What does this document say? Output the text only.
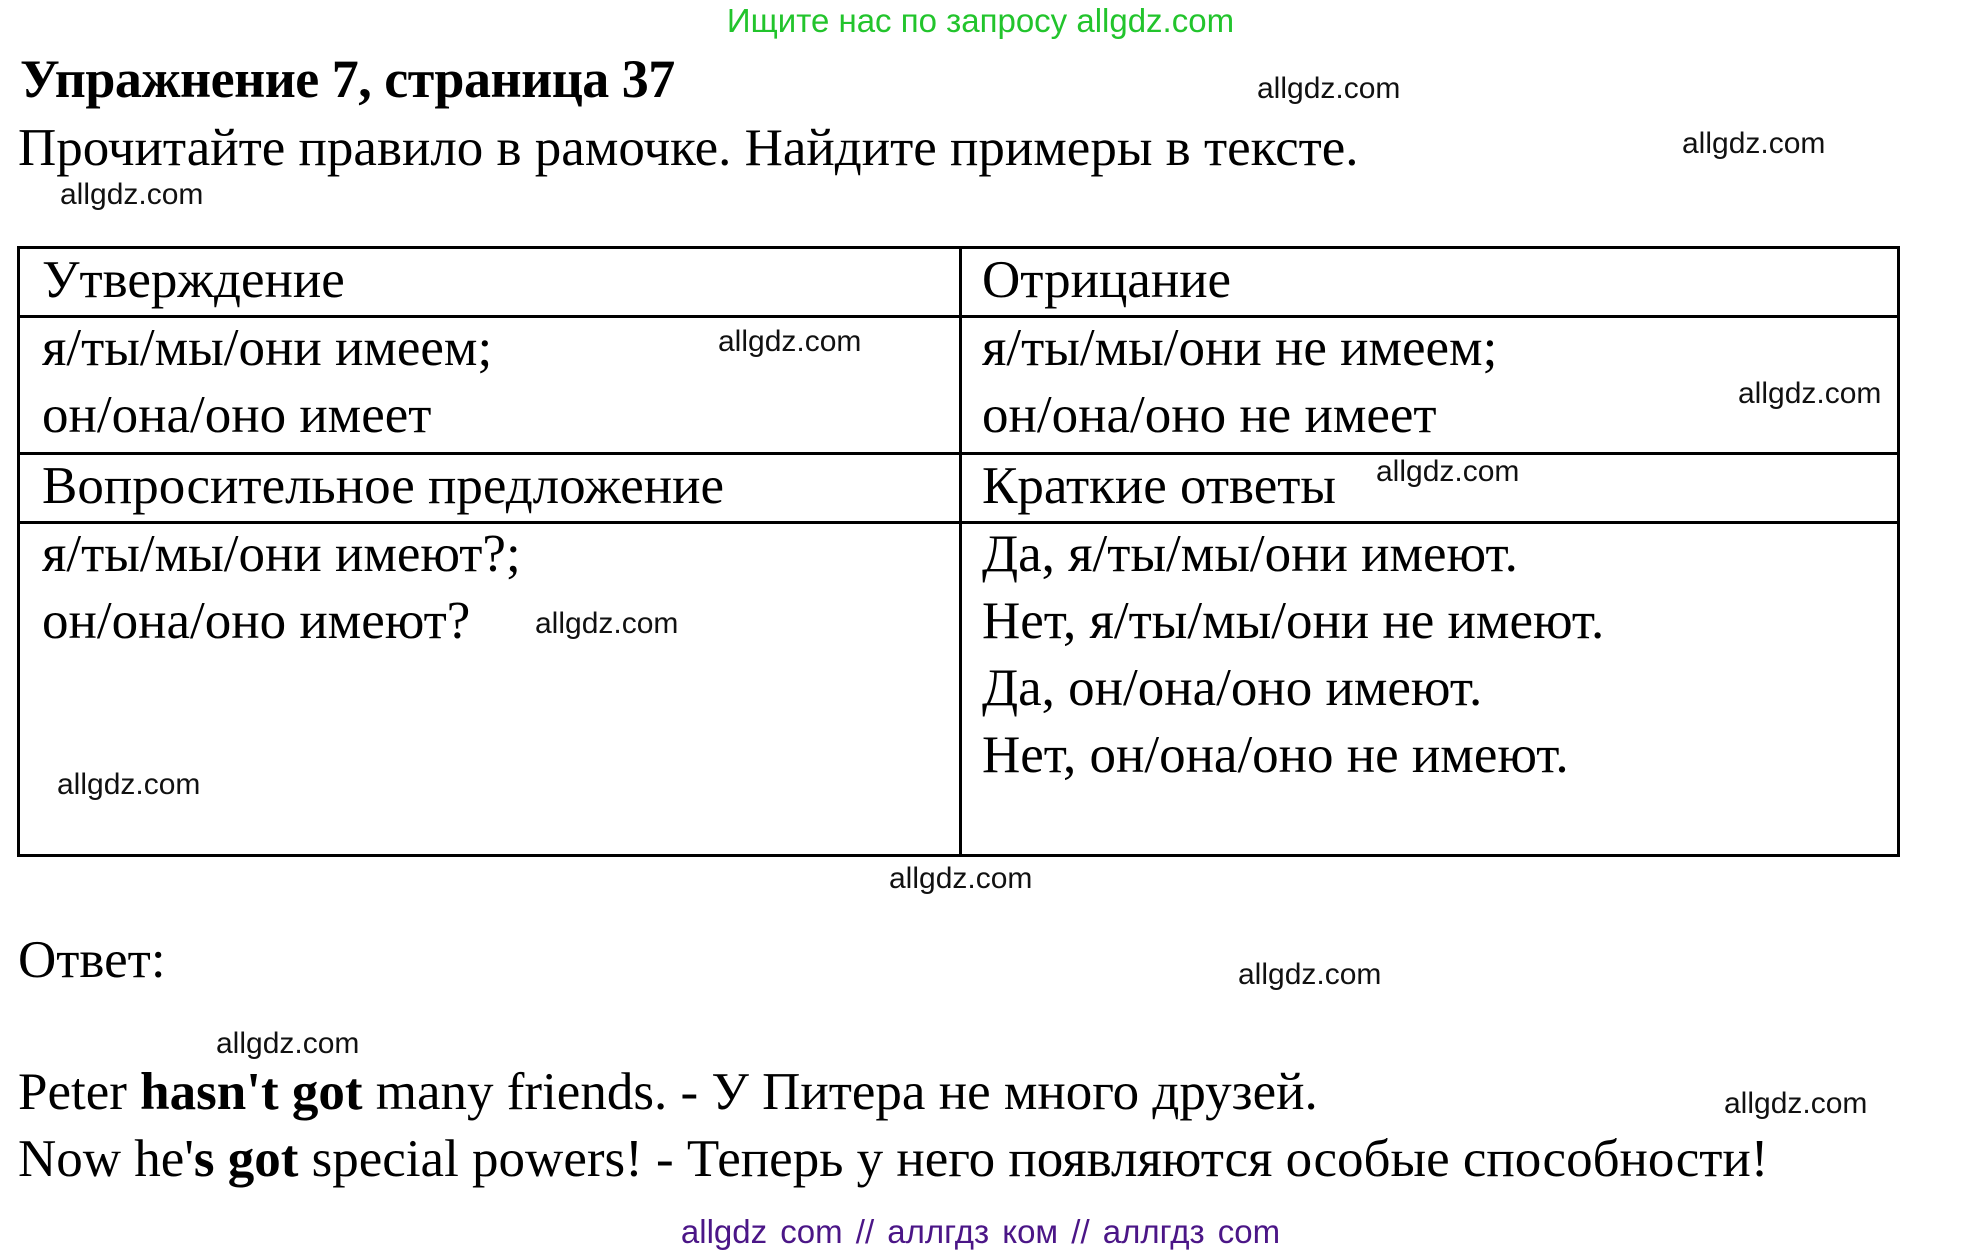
Ищите нас по запросу allgdz.com
Упражнение 7, страница 37
Прочитайте правило в рамочке. Найдите примеры в тексте.
Утверждение	Отрицание
я/ты/мы/они имеем;
он/она/оно имеет
я/ты/мы/они не имеем;
он/она/оно не имеет
Вопросительное предложение	Краткие ответы
я/ты/мы/они имеют?;
он/она/оно имеют?
Да, я/ты/мы/они имеют.
Нет, я/ты/мы/они не имеют.
Да, он/она/оно имеют.
Нет, он/она/оно не имеют.
Ответ:
Peter hasn't got many friends. - У Питера не много друзей.
Now he's got special powers! - Теперь у него появляются особые способности!
allgdz.com
allgdz.com
allgdz.com
allgdz.com
allgdz.com
allgdz.com
allgdz.com
allgdz.com
allgdz.com
allgdz.com
allgdz.com
allgdz.com
allgdz com // аллгдз ком // аллгдз com
